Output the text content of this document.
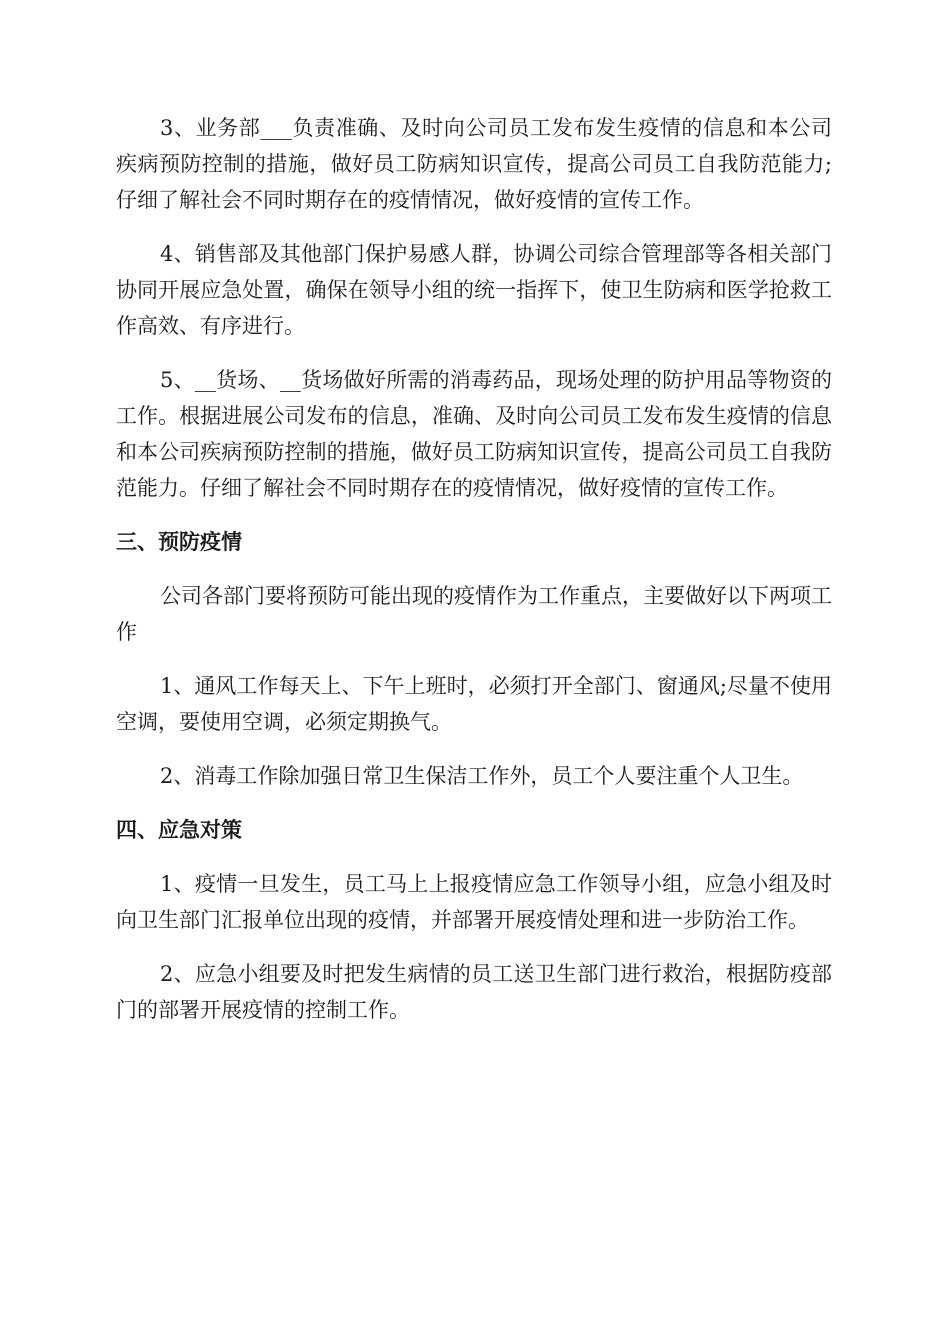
3、业务部___负责准确、及时向公司员工发布发生疫情的信息和本公司疾病预防控制的措施，做好员工防病知识宣传，提高公司员工自我防范能力;仔细了解社会不同时期存在的疫情情况，做好疫情的宣传工作。

4、销售部及其他部门保护易感人群，协调公司综合管理部等各相关部门协同开展应急处置，确保在领导小组的统一指挥下，使卫生防病和医学抢救工作高效、有序进行。

5、__货场、__货场做好所需的消毒药品，现场处理的防护用品等物资的工作。根据进展公司发布的信息，准确、及时向公司员工发布发生疫情的信息和本公司疾病预防控制的措施，做好员工防病知识宣传，提高公司员工自我防范能力。仔细了解社会不同时期存在的疫情情况，做好疫情的宣传工作。

三、预防疫情

公司各部门要将预防可能出现的疫情作为工作重点，主要做好以下两项工作

1、通风工作每天上、下午上班时，必须打开全部门、窗通风;尽量不使用空调，要使用空调，必须定期换气。

2、消毒工作除加强日常卫生保洁工作外，员工个人要注重个人卫生。

四、应急对策

1、疫情一旦发生，员工马上上报疫情应急工作领导小组，应急小组及时向卫生部门汇报单位出现的疫情，并部署开展疫情处理和进一步防治工作。

2、应急小组要及时把发生病情的员工送卫生部门进行救治，根据防疫部门的部署开展疫情的控制工作。
